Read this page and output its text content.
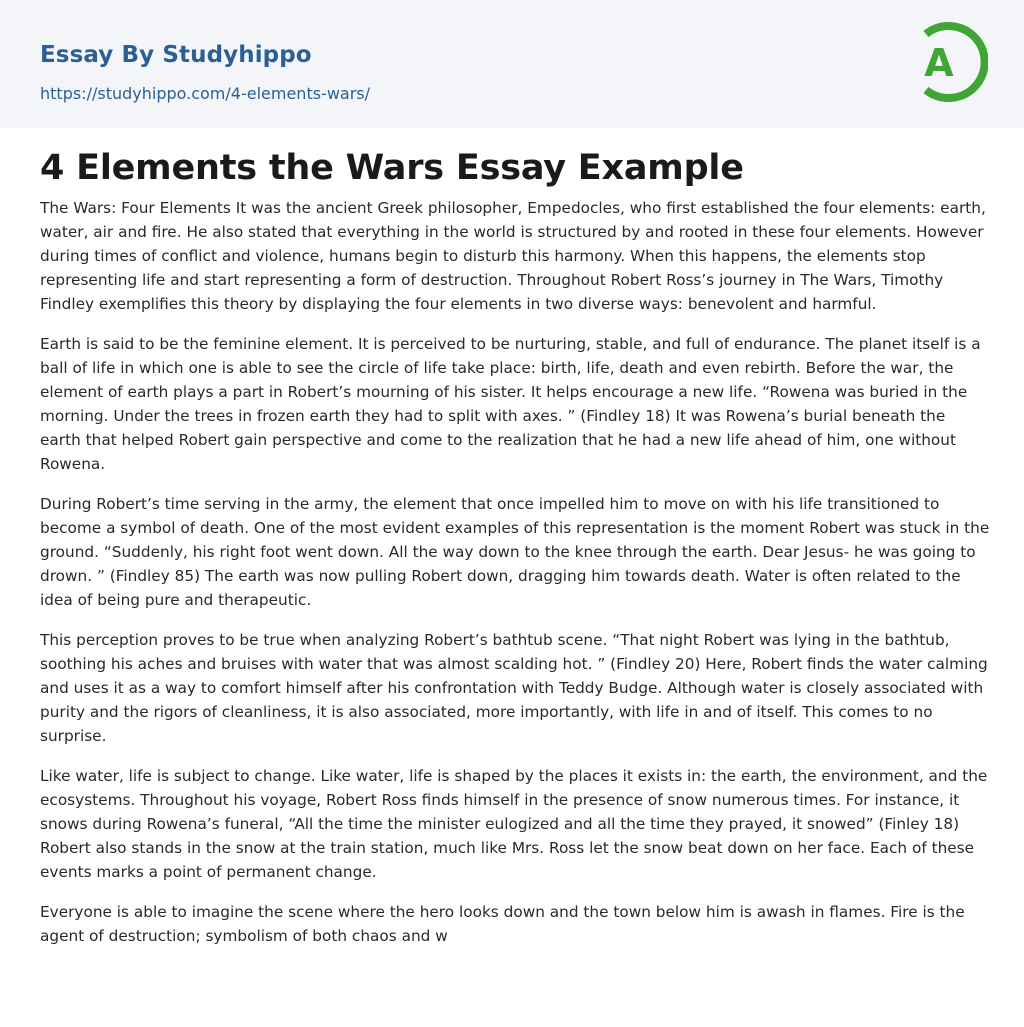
Essay By Studyhippo
https://studyhippo.com/4-elements-wars/
A
4 Elements the Wars Essay Example

The Wars: Four Elements It was the ancient Greek philosopher, Empedocles, who first established the four elements: earth, water, air and fire. He also stated that everything in the world is structured by and rooted in these four elements. However during times of conflict and violence, humans begin to disturb this harmony. When this happens, the elements stop representing life and start representing a form of destruction. Throughout Robert Ross’s journey in The Wars, Timothy Findley exemplifies this theory by displaying the four elements in two diverse ways: benevolent and harmful.

Earth is said to be the feminine element. It is perceived to be nurturing, stable, and full of endurance. The planet itself is a ball of life in which one is able to see the circle of life take place: birth, life, death and even rebirth. Before the war, the element of earth plays a part in Robert’s mourning of his sister. It helps encourage a new life. “Rowena was buried in the morning. Under the trees in frozen earth they had to split with axes. ” (Findley 18) It was Rowena’s burial beneath the earth that helped Robert gain perspective and come to the realization that he had a new life ahead of him, one without Rowena.

During Robert’s time serving in the army, the element that once impelled him to move on with his life transitioned to become a symbol of death. One of the most evident examples of this representation is the moment Robert was stuck in the ground. “Suddenly, his right foot went down. All the way down to the knee through the earth. Dear Jesus- he was going to drown. ” (Findley 85) The earth was now pulling Robert down, dragging him towards death. Water is often related to the idea of being pure and therapeutic.

This perception proves to be true when analyzing Robert’s bathtub scene. “That night Robert was lying in the bathtub, soothing his aches and bruises with water that was almost scalding hot. ” (Findley 20) Here, Robert finds the water calming and uses it as a way to comfort himself after his confrontation with Teddy Budge. Although water is closely associated with purity and the rigors of cleanliness, it is also associated, more importantly, with life in and of itself. This comes to no surprise.

Like water, life is subject to change. Like water, life is shaped by the places it exists in: the earth, the environment, and the ecosystems. Throughout his voyage, Robert Ross finds himself in the presence of snow numerous times. For instance, it snows during Rowena’s funeral, “All the time the minister eulogized and all the time they prayed, it snowed” (Finley 18) Robert also stands in the snow at the train station, much like Mrs. Ross let the snow beat down on her face. Each of these events marks a point of permanent change.

Everyone is able to imagine the scene where the hero looks down and the town below him is awash in flames. Fire is the agent of destruction; symbolism of both chaos and w
